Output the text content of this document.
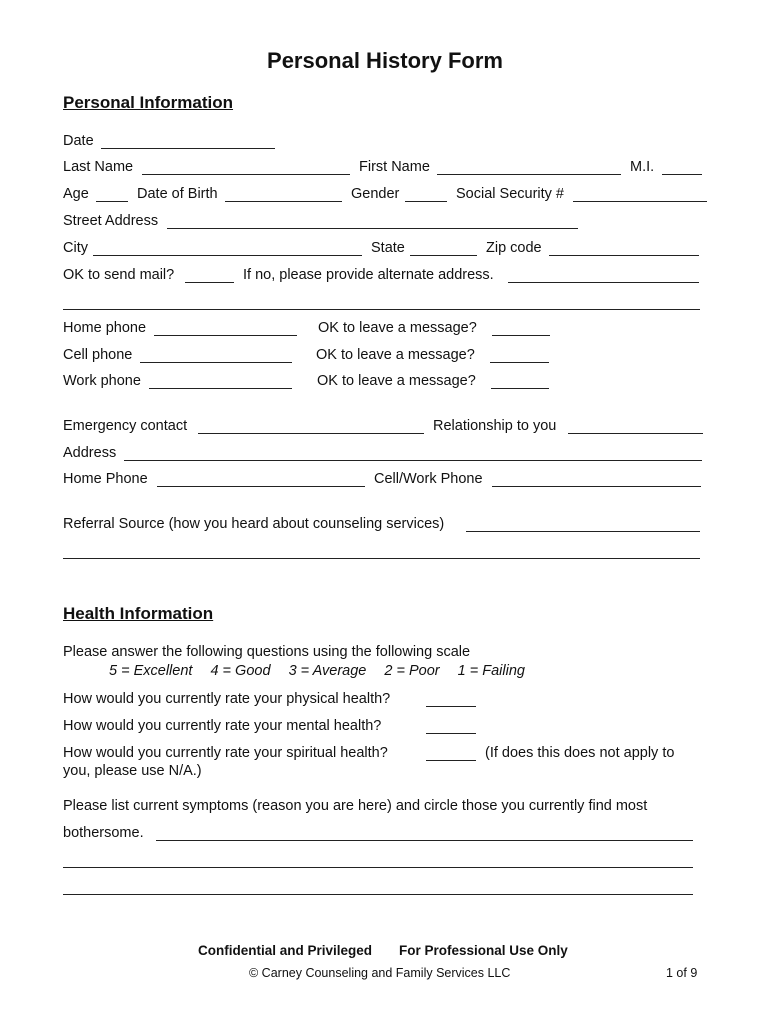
Personal History Form
Personal Information
Date
Last Name	First Name	M.I.
Age	Date of Birth	Gender	Social Security #
Street Address
City	State	Zip code
OK to send mail?	If no, please provide alternate address.
Home phone	OK to leave a message?
Cell phone	OK to leave a message?
Work phone	OK to leave a message?
Emergency contact	Relationship to you
Address
Home Phone	Cell/Work Phone
Referral Source (how you heard about counseling services)
Health Information
Please answer the following questions using the following scale
5 = Excellent 4 = Good 3 = Average 2 = Poor 1 = Failing
How would you currently rate your physical health?
How would you currently rate your mental health?
How would you currently rate your spiritual health?	(If does this does not apply to
you, please use N/A.)
Please list current symptoms (reason you are here) and circle those you currently find most
bothersome.
Confidential and Privileged For Professional Use Only
© Carney Counseling and Family Services LLC	1 of 9
